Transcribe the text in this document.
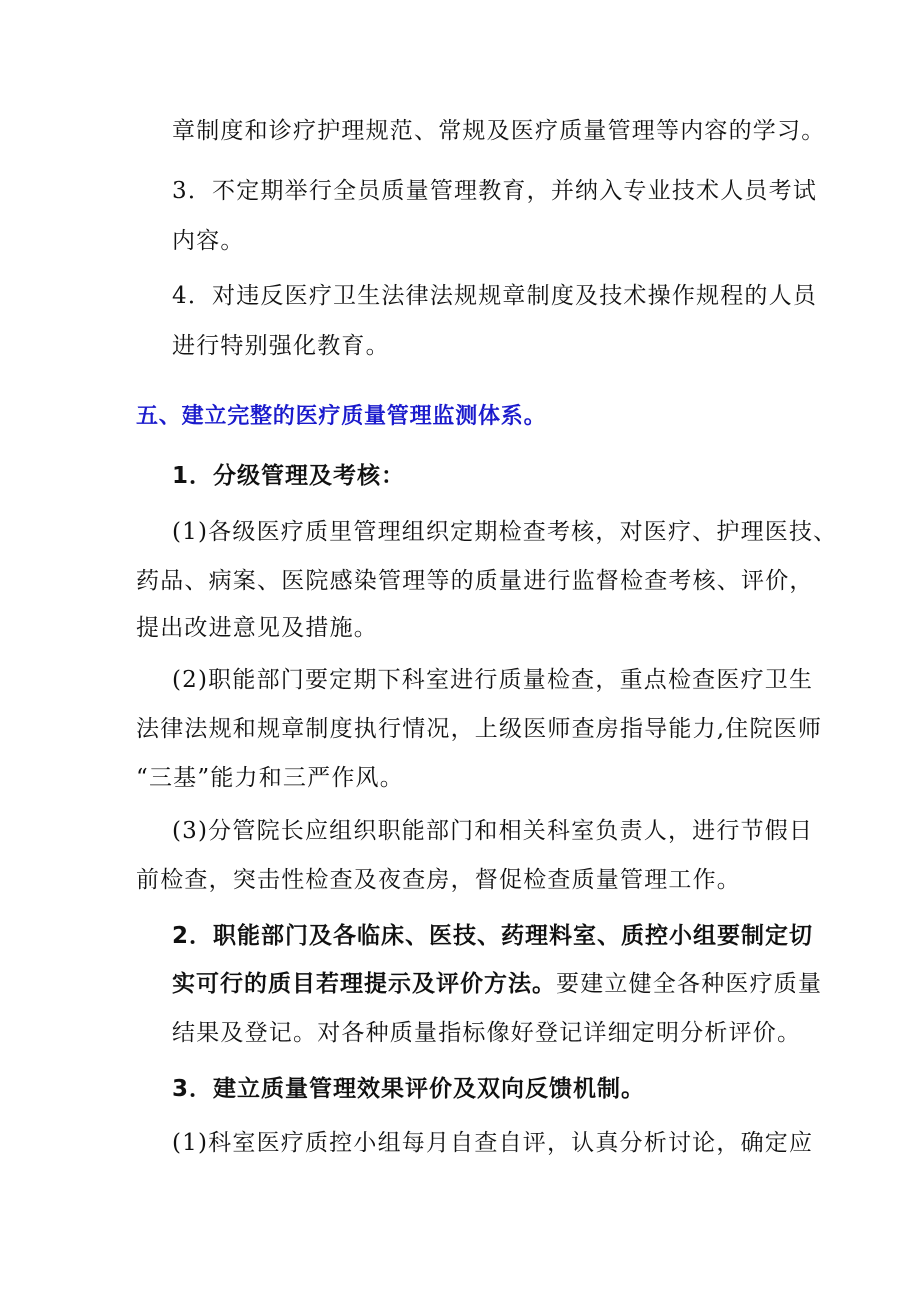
章制度和诊疗护理规范、常规及医疗质量管理等内容的学习。
3．不定期举行全员质量管理教育，并纳入专业技术人员考试
内容。
4．对违反医疗卫生法律法规规章制度及技术操作规程的人员
进行特别强化教育。
五、建立完整的医疗质量管理监测体系。
1．分级管理及考核：
(1)各级医疗质里管理组织定期检查考核，对医疗、护理医技、
药品、病案、医院感染管理等的质量进行监督检查考核、评价，
提出改进意见及措施。
(2)职能部门要定期下科室进行质量检查，重点检查医疗卫生
法律法规和规章制度执行情况，上级医师查房指导能力,住院医师
“三基”能力和三严作风。
(3)分管院长应组织职能部门和相关科室负责人，进行节假日
前检查，突击性检查及夜查房，督促检查质量管理工作。
2．职能部门及各临床、医技、药理料室、质控小组要制定切
实可行的质目若理提示及评价方法。要建立健全各种医疗质量
结果及登记。对各种质量指标像好登记详细定明分析评价。
3．建立质量管理效果评价及双向反馈机制。
(1)科室医疗质控小组每月自查自评，认真分析讨论，确定应
